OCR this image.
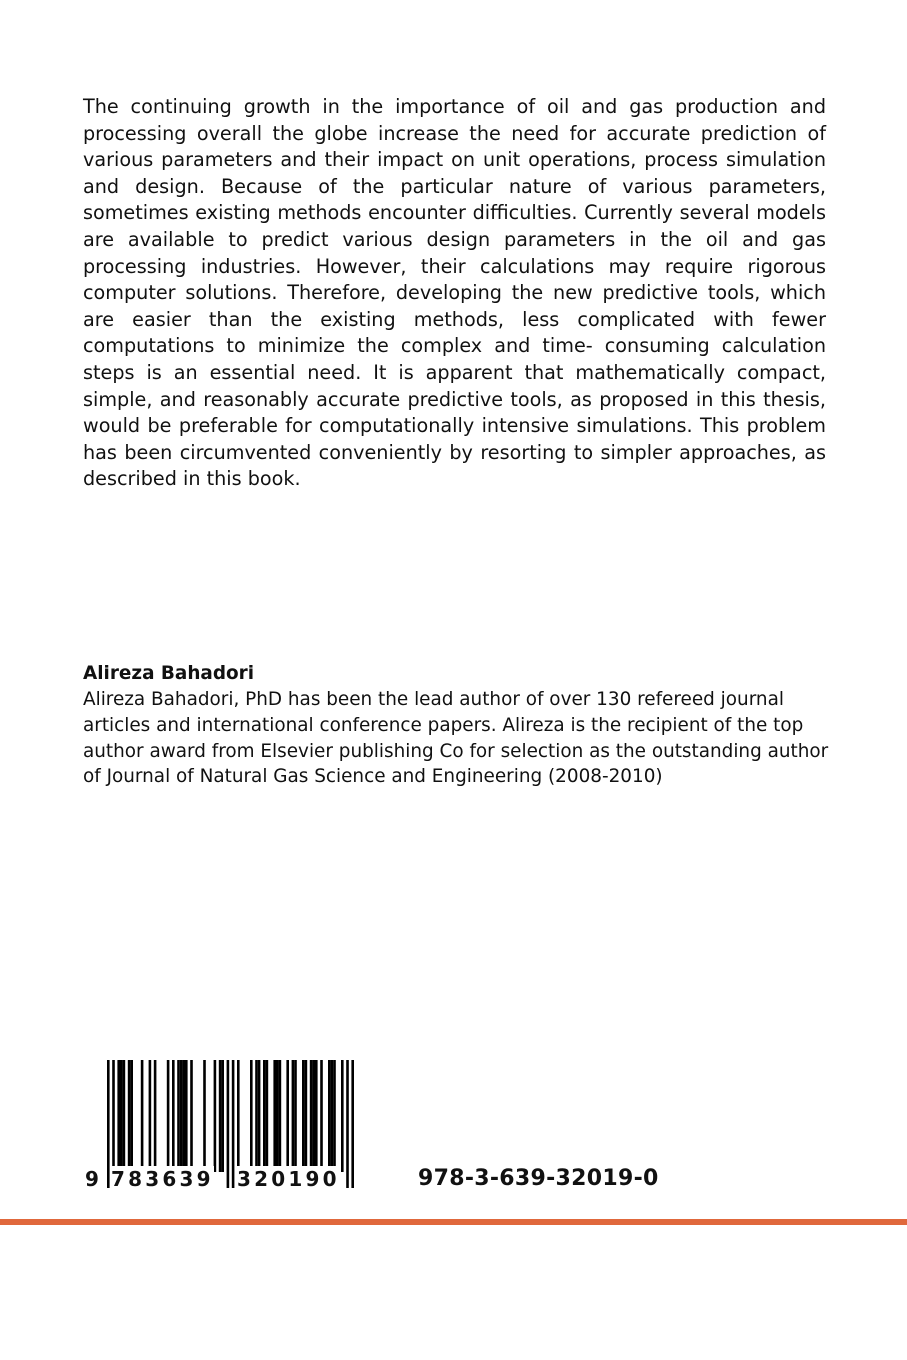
The continuing growth in the importance of oil and gas production and processing overall the globe increase the need for accurate prediction of various parameters and their impact on unit operations, process simulation and design. Because of the particular nature of various parameters, sometimes existing methods encounter difficulties. Currently several models are available to predict various design parameters in the oil and gas processing industries. However, their calculations may require rigorous computer solutions. Therefore, developing the new predictive tools, which are easier than the existing methods, less complicated with fewer computations to minimize the complex and time- consuming calculation steps is an essential need. It is apparent that mathematically compact, simple, and reasonably accurate predictive tools, as proposed in this thesis, would be preferable for computationally intensive simulations. This problem has been circumvented conveniently by resorting to simpler approaches, as described in this book.

Alireza Bahadori

Alireza Bahadori, PhD has been the lead author of over 130 refereed journal articles and international conference papers. Alireza is the recipient of the top author award from Elsevier publishing Co for selection as the outstanding author of Journal of Natural Gas Science and Engineering (2008-2010)

9 783639 320190	978-3-639-32019-0
